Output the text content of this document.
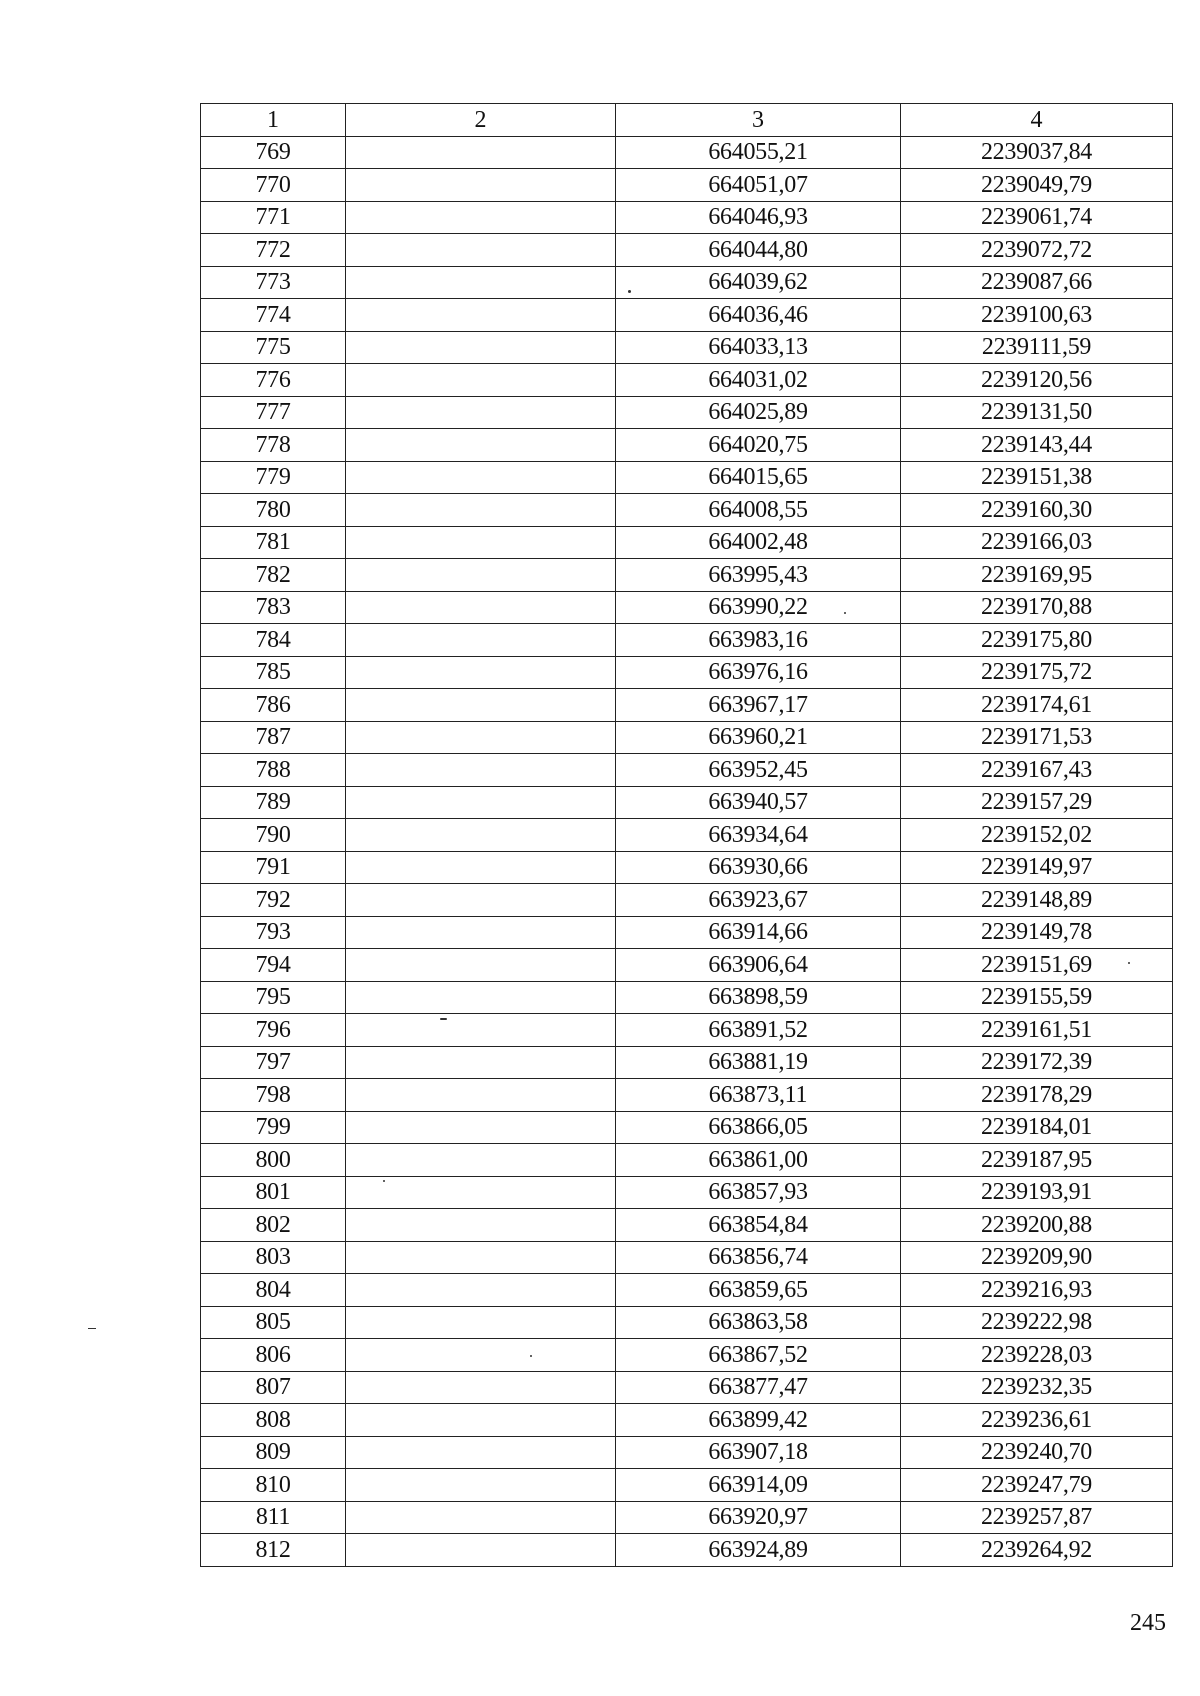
1	2	3	4
769		664055,21	2239037,84
770		664051,07	2239049,79
771		664046,93	2239061,74
772		664044,80	2239072,72
773		664039,62	2239087,66
774		664036,46	2239100,63
775		664033,13	2239111,59
776		664031,02	2239120,56
777		664025,89	2239131,50
778		664020,75	2239143,44
779		664015,65	2239151,38
780		664008,55	2239160,30
781		664002,48	2239166,03
782		663995,43	2239169,95
783		663990,22	2239170,88
784		663983,16	2239175,80
785		663976,16	2239175,72
786		663967,17	2239174,61
787		663960,21	2239171,53
788		663952,45	2239167,43
789		663940,57	2239157,29
790		663934,64	2239152,02
791		663930,66	2239149,97
792		663923,67	2239148,89
793		663914,66	2239149,78
794		663906,64	2239151,69
795		663898,59	2239155,59
796		663891,52	2239161,51
797		663881,19	2239172,39
798		663873,11	2239178,29
799		663866,05	2239184,01
800		663861,00	2239187,95
801		663857,93	2239193,91
802		663854,84	2239200,88
803		663856,74	2239209,90
804		663859,65	2239216,93
805		663863,58	2239222,98
806		663867,52	2239228,03
807		663877,47	2239232,35
808		663899,42	2239236,61
809		663907,18	2239240,70
810		663914,09	2239247,79
811		663920,97	2239257,87
812		663924,89	2239264,92
245
